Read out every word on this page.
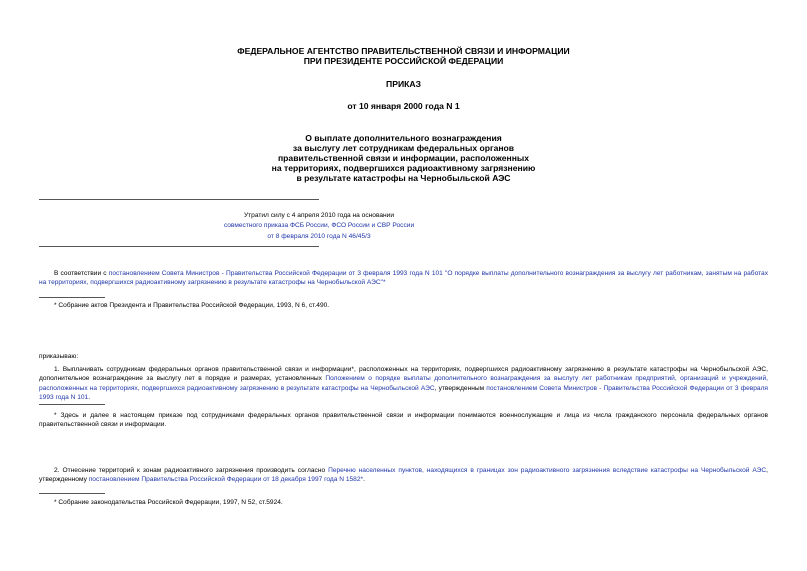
ФЕДЕРАЛЬНОЕ АГЕНТСТВО ПРАВИТЕЛЬСТВЕННОЙ СВЯЗИ И ИНФОРМАЦИИ
ПРИ ПРЕЗИДЕНТЕ РОССИЙСКОЙ ФЕДЕРАЦИИ
ПРИКАЗ
от 10 января 2000 года N 1
О выплате дополнительного вознаграждения
за выслугу лет сотрудникам федеральных органов
правительственной связи и информации, расположенных
на территориях, подвергшихся радиоактивному загрязнению
в результате катастрофы на Чернобыльской АЭС
Утратил силу с 4 апреля 2010 года на основании
совместного приказа ФСБ России, ФСО России и СВР России
от 8 февраля 2010 года N 46/45/3
В соответствии с постановлением Совета Министров - Правительства Российской Федерации от 3 февраля 1993 года N 101 "О порядке выплаты дополнительного вознаграждения за выслугу лет работникам, занятым на работах на территориях, подвергшихся радиоактивному загрязнению в результате катастрофы на Чернобыльской АЭС"*
* Собрание актов Президента и Правительства Российской Федерации, 1993, N 6, ст.490.
приказываю:
1. Выплачивать сотрудникам федеральных органов правительственной связи и информации*, расположенных на территориях, подвергшихся радиоактивному загрязнению в результате катастрофы на Чернобыльской АЭС, дополнительное вознаграждение за выслугу лет в порядке и размерах, установленных Положением о порядке выплаты дополнительного вознаграждения за выслугу лет работникам предприятий, организаций и учреждений, расположенных на территориях, подвергшихся радиоактивному загрязнению в результате катастрофы на Чернобыльской АЭС, утвержденным постановлением Совета Министров - Правительства Российской Федерации от 3 февраля 1993 года N 101.
* Здесь и далее в настоящем приказе под сотрудниками федеральных органов правительственной связи и информации понимаются военнослужащие и лица из числа гражданского персонала федеральных органов правительственной связи и информации.
2. Отнесение территорий к зонам радиоактивного загрязнения производить согласно Перечню населенных пунктов, находящихся в границах зон радиоактивного загрязнения вследствие катастрофы на Чернобыльской АЭС, утвержденному постановлением Правительства Российской Федерации от 18 декабря 1997 года N 1582*.
* Собрание законодательства Российской Федерации, 1997, N 52, ст.5924.
